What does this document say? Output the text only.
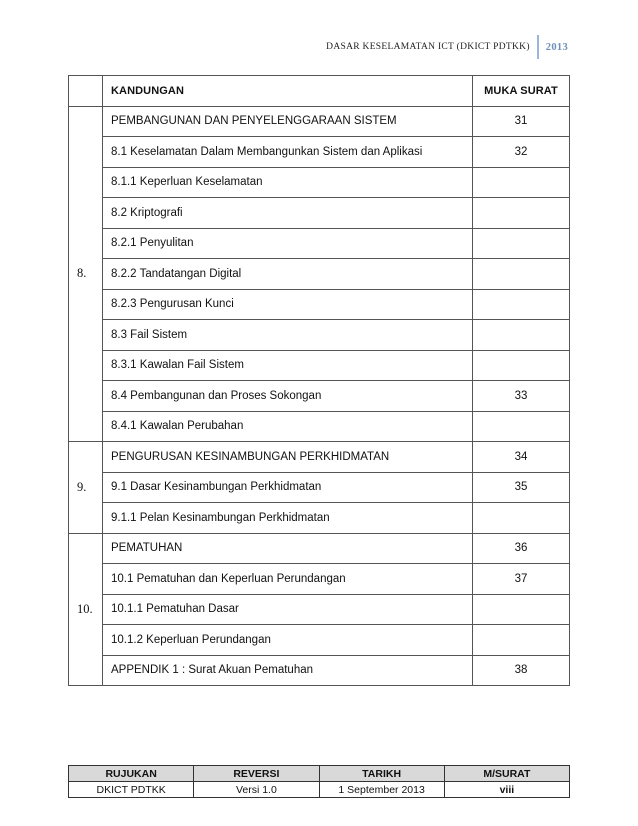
DASAR KESELAMATAN ICT (DKICT PDTKK)	2013
	KANDUNGAN	MUKA SURAT
8.	PEMBANGUNAN DAN PENYELENGGARAAN SISTEM	31
	8.1 Keselamatan Dalam Membangunkan Sistem dan Aplikasi	32
	8.1.1 Keperluan Keselamatan	
	8.2 Kriptografi	
	8.2.1 Penyulitan	
	8.2.2 Tandatangan Digital	
	8.2.3 Pengurusan Kunci	
	8.3 Fail Sistem	
	8.3.1 Kawalan Fail Sistem	
	8.4 Pembangunan dan Proses Sokongan	33
	8.4.1 Kawalan Perubahan	
9.	PENGURUSAN KESINAMBUNGAN PERKHIDMATAN	34
	9.1 Dasar Kesinambungan Perkhidmatan	35
	9.1.1 Pelan Kesinambungan Perkhidmatan	
10.	PEMATUHAN	36
	10.1 Pematuhan dan Keperluan Perundangan	37
	10.1.1 Pematuhan Dasar	
	10.1.2 Keperluan Perundangan	
	APPENDIK 1 : Surat Akuan Pematuhan	38
RUJUKAN	REVERSI	TARIKH	M/SURAT
DKICT PDTKK	Versi 1.0	1 September 2013	viii
